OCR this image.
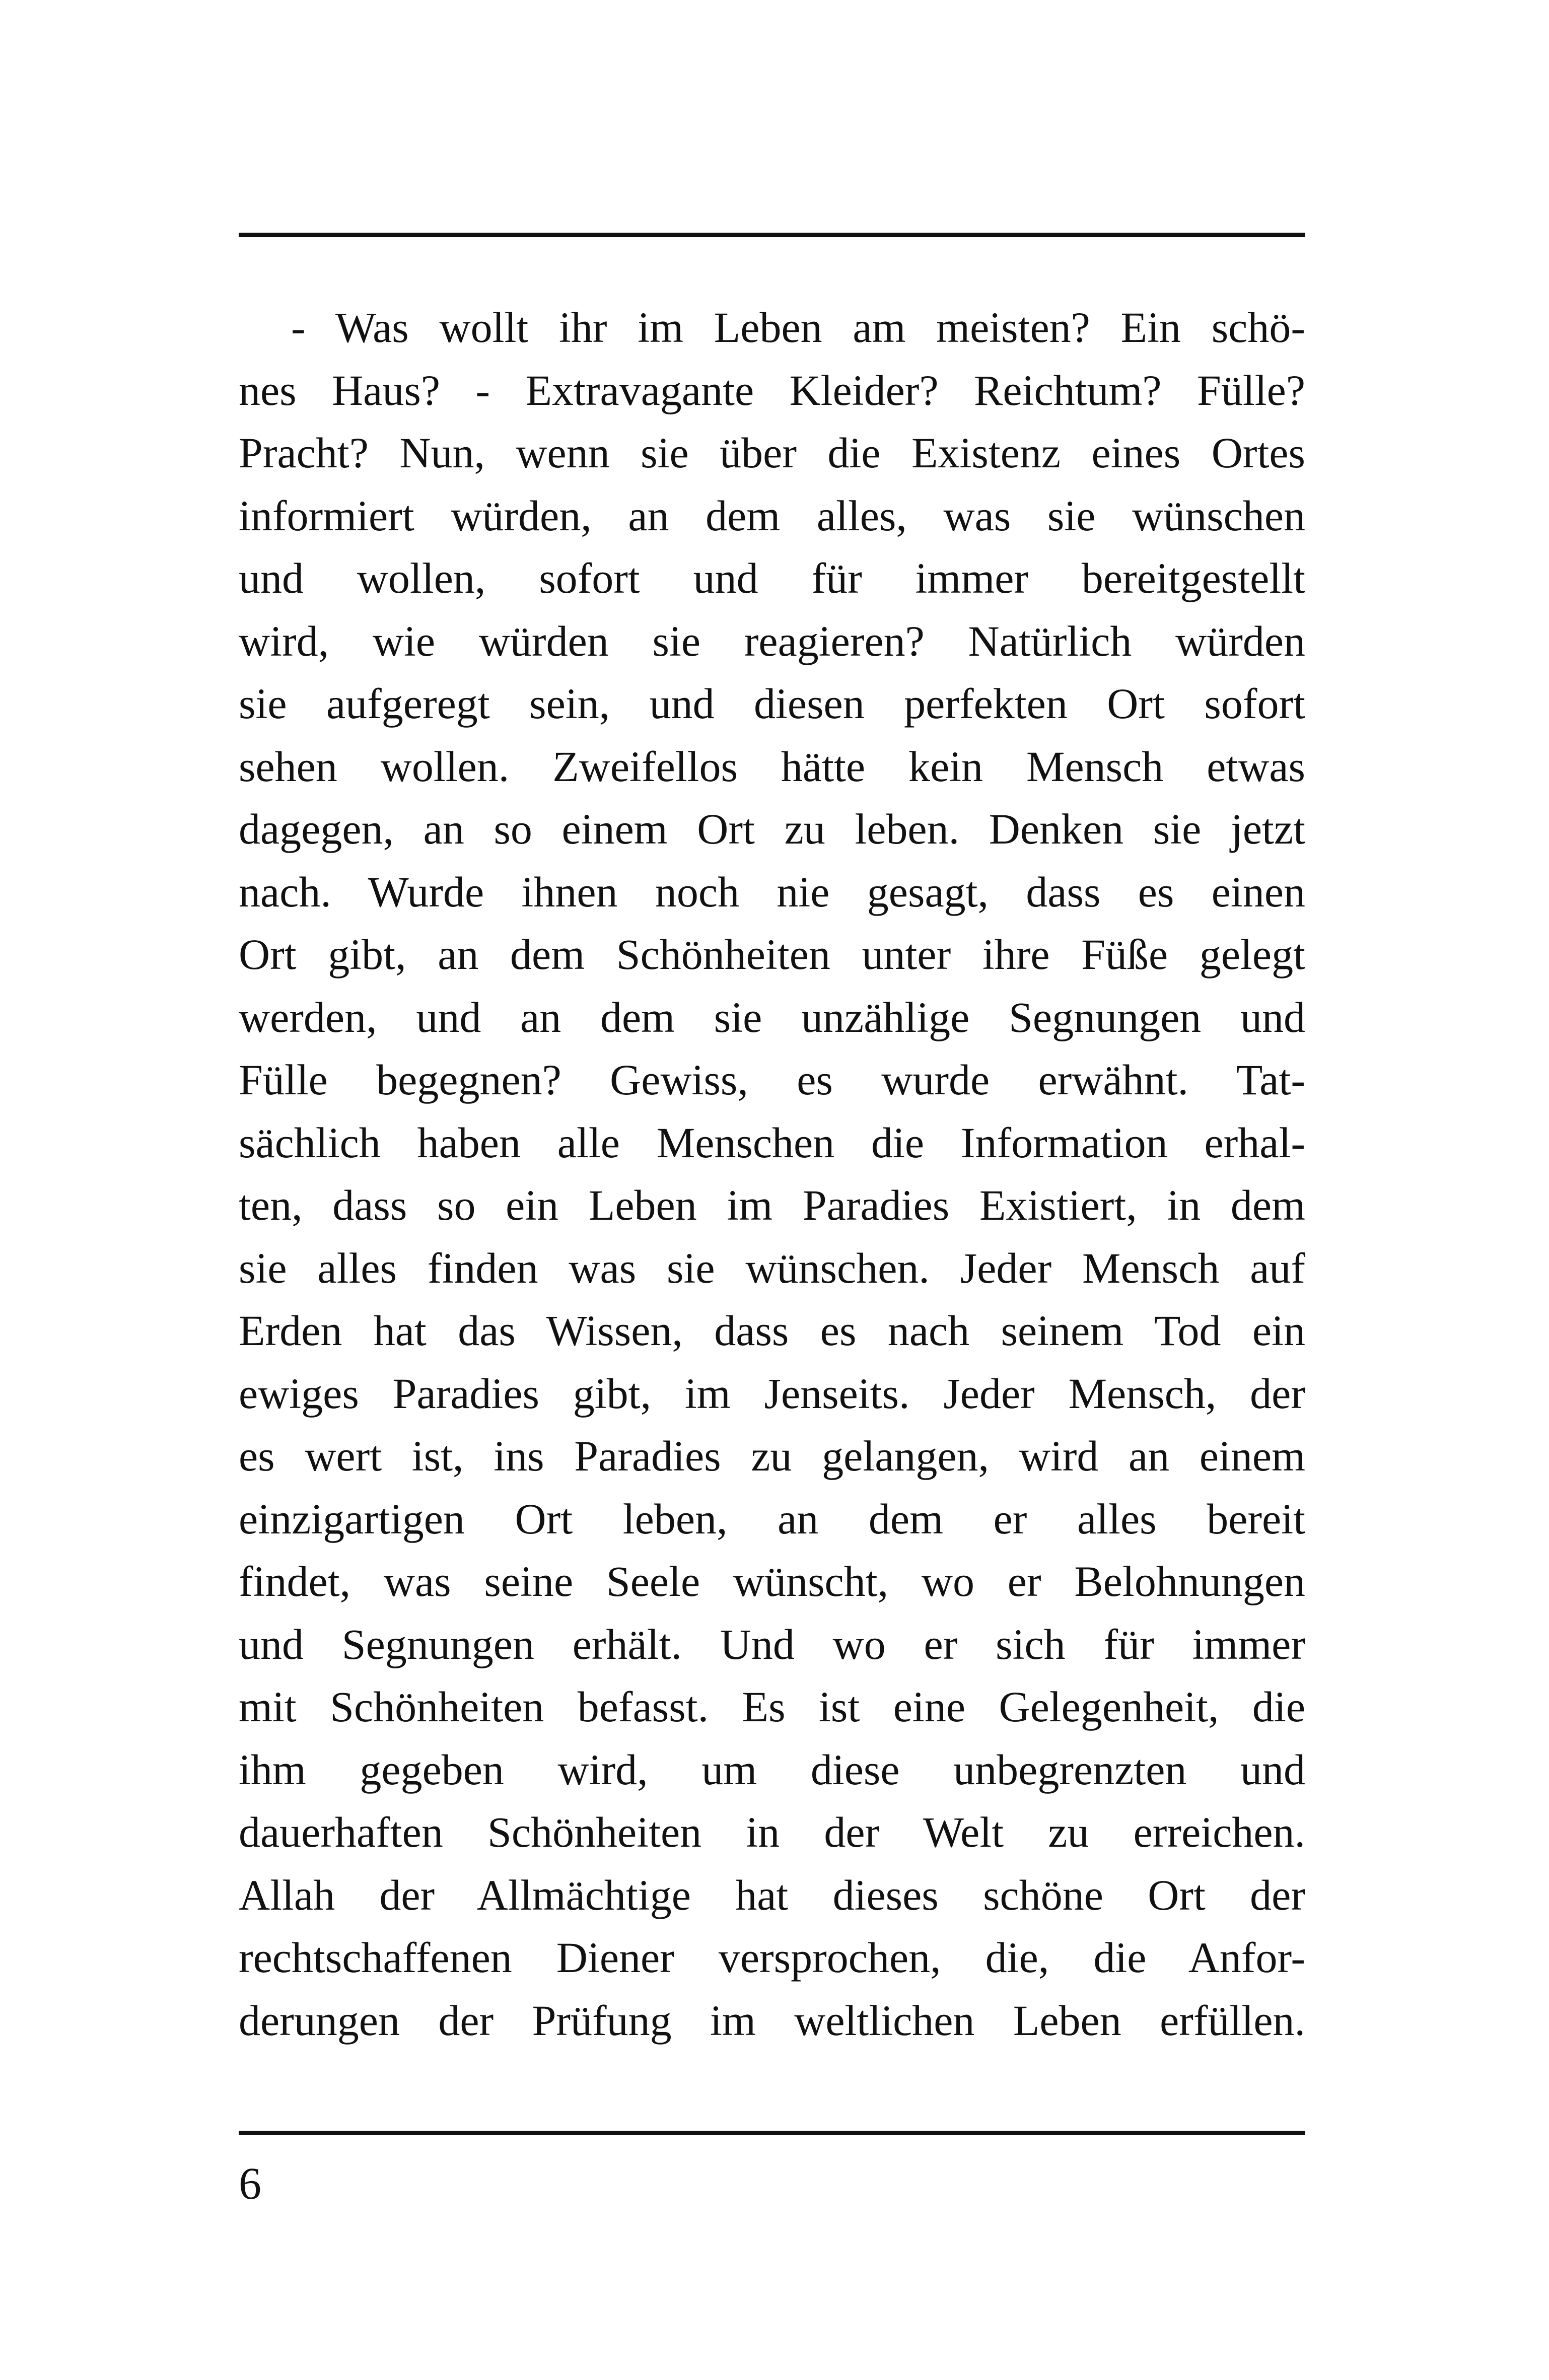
- Was wollt ihr im Leben am meisten? Ein schö-
nes Haus? - Extravagante Kleider? Reichtum? Fülle?
Pracht? Nun, wenn sie über die Existenz eines Ortes
informiert würden, an dem alles, was sie wünschen
und wollen, sofort und für immer bereitgestellt
wird, wie würden sie reagieren? Natürlich würden
sie aufgeregt sein, und diesen perfekten Ort sofort
sehen wollen. Zweifellos hätte kein Mensch etwas
dagegen, an so einem Ort zu leben. Denken sie jetzt
nach. Wurde ihnen noch nie gesagt, dass es einen
Ort gibt, an dem Schönheiten unter ihre Füße gelegt
werden, und an dem sie unzählige Segnungen und
Fülle begegnen? Gewiss, es wurde erwähnt. Tat-
sächlich haben alle Menschen die Information erhal-
ten, dass so ein Leben im Paradies Existiert, in dem
sie alles finden was sie wünschen. Jeder Mensch auf
Erden hat das Wissen, dass es nach seinem Tod ein
ewiges Paradies gibt, im Jenseits. Jeder Mensch, der
es wert ist, ins Paradies zu gelangen, wird an einem
einzigartigen Ort leben, an dem er alles bereit
findet, was seine Seele wünscht, wo er Belohnungen
und Segnungen erhält. Und wo er sich für immer
mit Schönheiten befasst. Es ist eine Gelegenheit, die
ihm gegeben wird, um diese unbegrenzten und
dauerhaften Schönheiten in der Welt zu erreichen.
Allah der Allmächtige hat dieses schöne Ort der
rechtschaffenen Diener versprochen, die, die Anfor-
derungen der Prüfung im weltlichen Leben erfüllen.
6
